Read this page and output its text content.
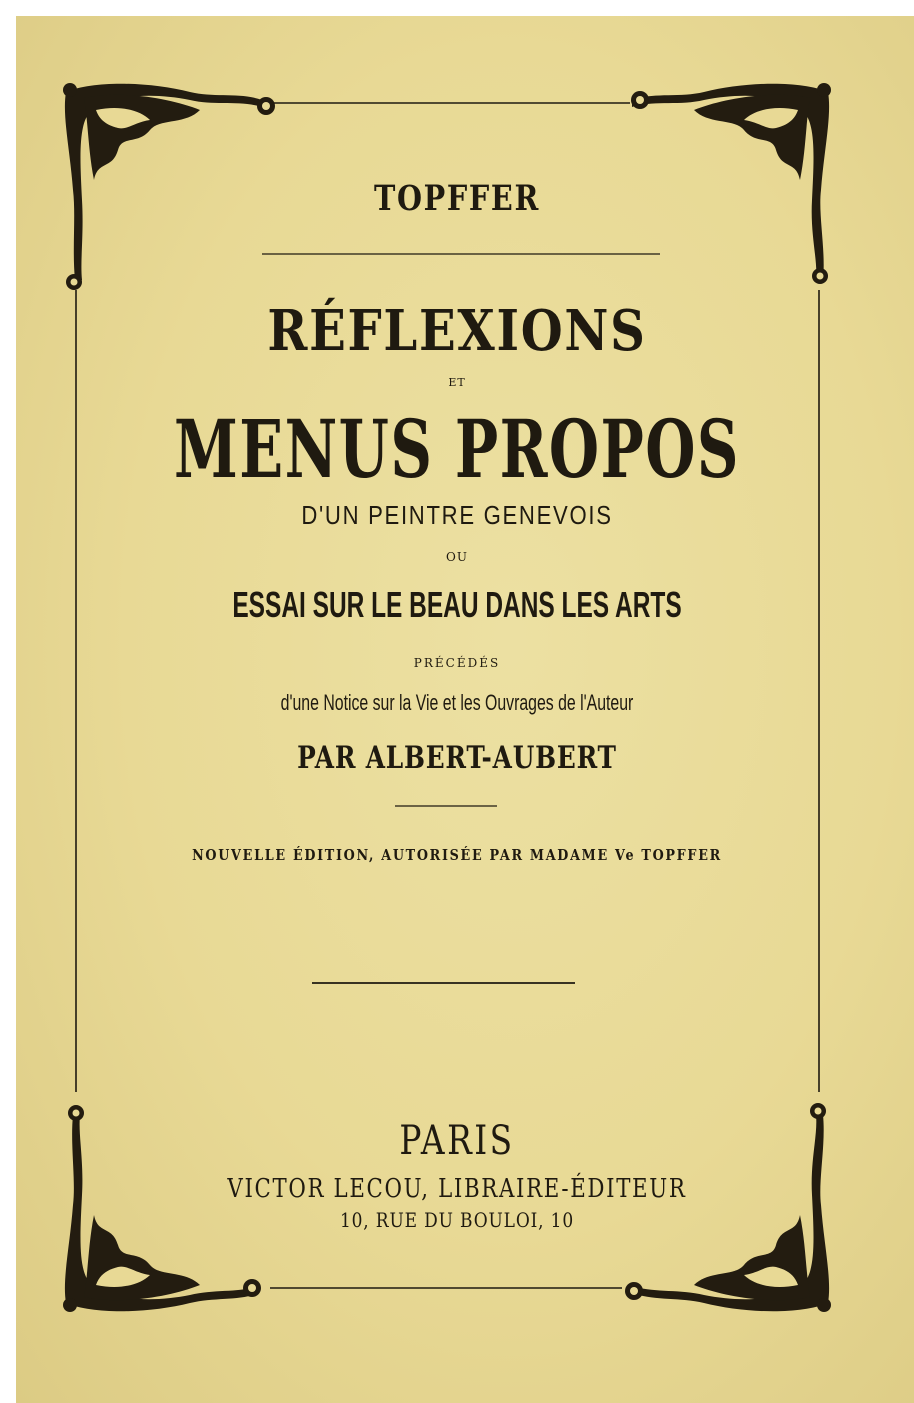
TOPFFER
RÉFLEXIONS
ET
MENUS PROPOS
D'UN PEINTRE GENEVOIS
OU
ESSAI SUR LE BEAU DANS LES ARTS
PRÉCÉDÉS
d'une Notice sur la Vie et les Ouvrages de l'Auteur
PAR ALBERT-AUBERT
NOUVELLE ÉDITION, AUTORISÉE PAR MADAME Ve TOPFFER
PARIS
VICTOR LECOU, LIBRAIRE-ÉDITEUR
10, RUE DU BOULOI, 10
